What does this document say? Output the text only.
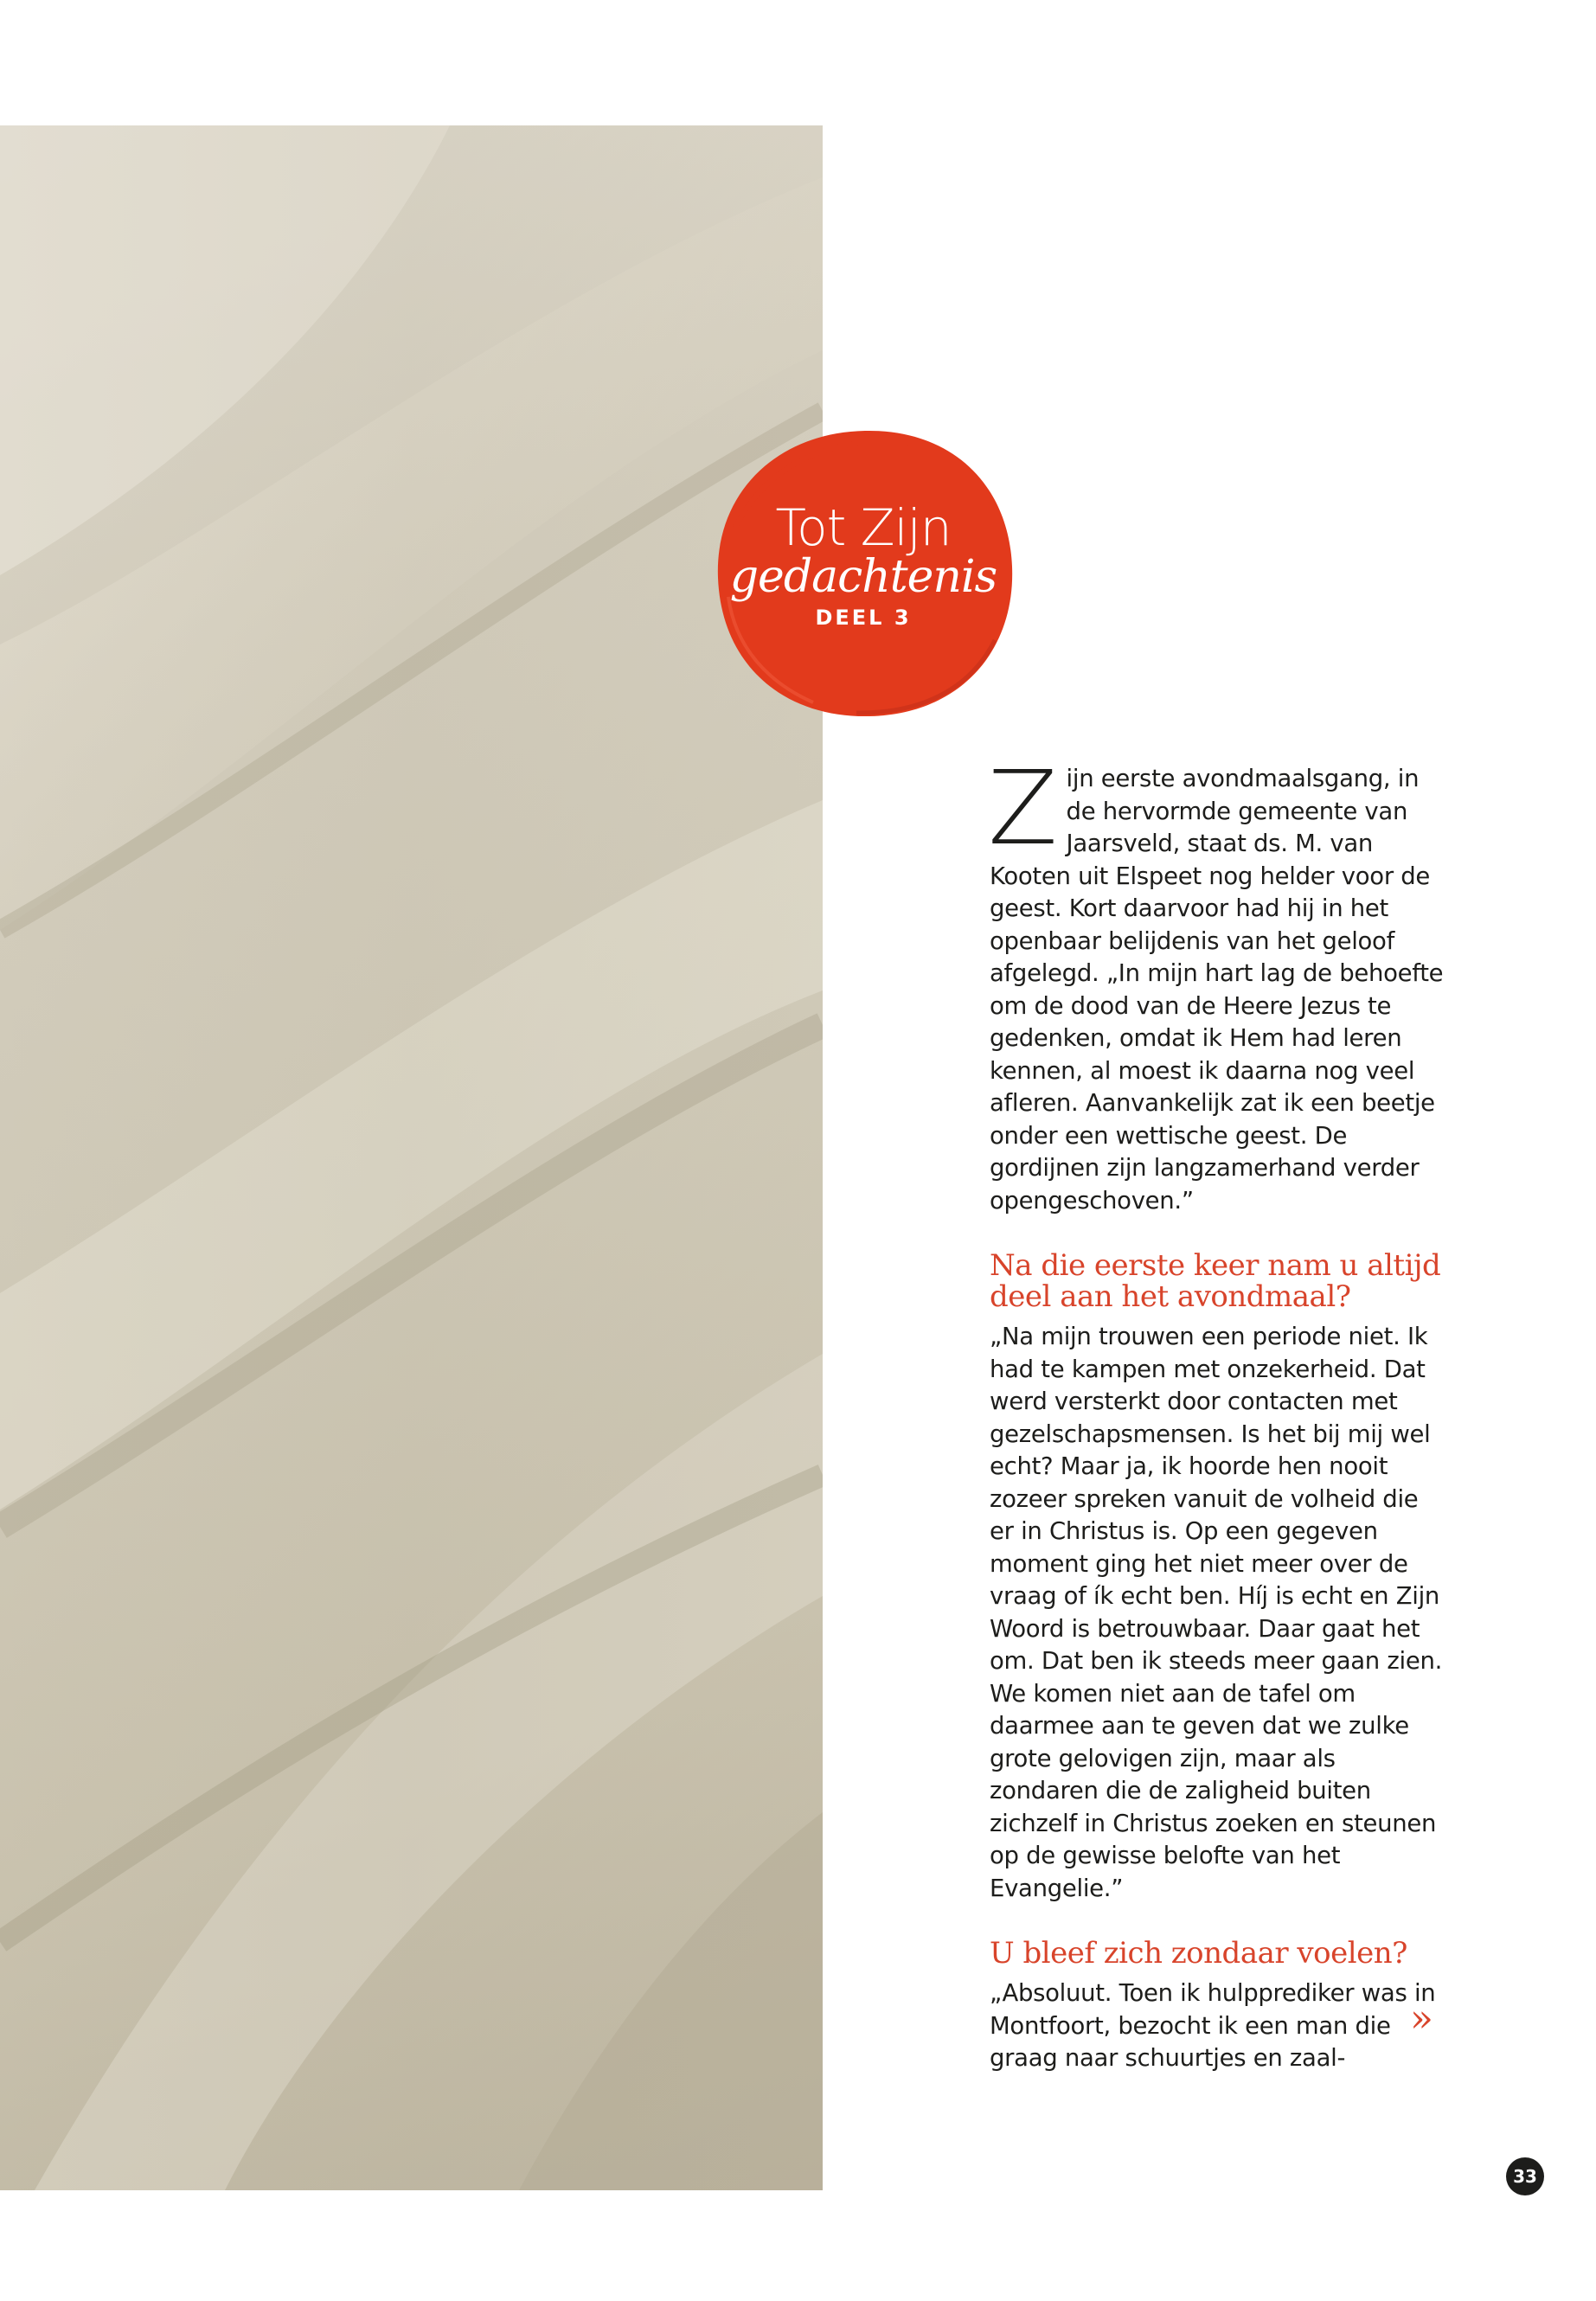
Tot Zijn
gedachtenis
DEEL 3

Zijn eerste avondmaalsgang, in de hervormde gemeente van Jaarsveld, staat ds. M. van Kooten uit Elspeet nog helder voor de geest. Kort daarvoor had hij in het openbaar belijdenis van het geloof afgelegd. „In mijn hart lag de behoefte om de dood van de Heere Jezus te gedenken, omdat ik Hem had leren kennen, al moest ik daarna nog veel afleren. Aanvankelijk zat ik een beetje onder een wettische geest. De gordijnen zijn langzamerhand verder opengeschoven.”

Na die eerste keer nam u altijd deel aan het avondmaal?

„Na mijn trouwen een periode niet. Ik had te kampen met onzekerheid. Dat werd versterkt door contacten met gezelschapsmensen. Is het bij mij wel echt? Maar ja, ik hoorde hen nooit zozeer spreken vanuit de volheid die er in Christus is. Op een gegeven moment ging het niet meer over de vraag of ík echt ben. Híj is echt en Zijn Woord is betrouwbaar. Daar gaat het om. Dat ben ik steeds meer gaan zien. We komen niet aan de tafel om daarmee aan te geven dat we zulke grote gelovigen zijn, maar als zondaren die de zaligheid buiten zichzelf in Christus zoeken en steunen op de gewisse belofte van het Evangelie.”

U bleef zich zondaar voelen?

„Absoluut. Toen ik hulpprediker was in Montfoort, bezocht ik een man die graag naar schuurtjes en zaal-

»
33
